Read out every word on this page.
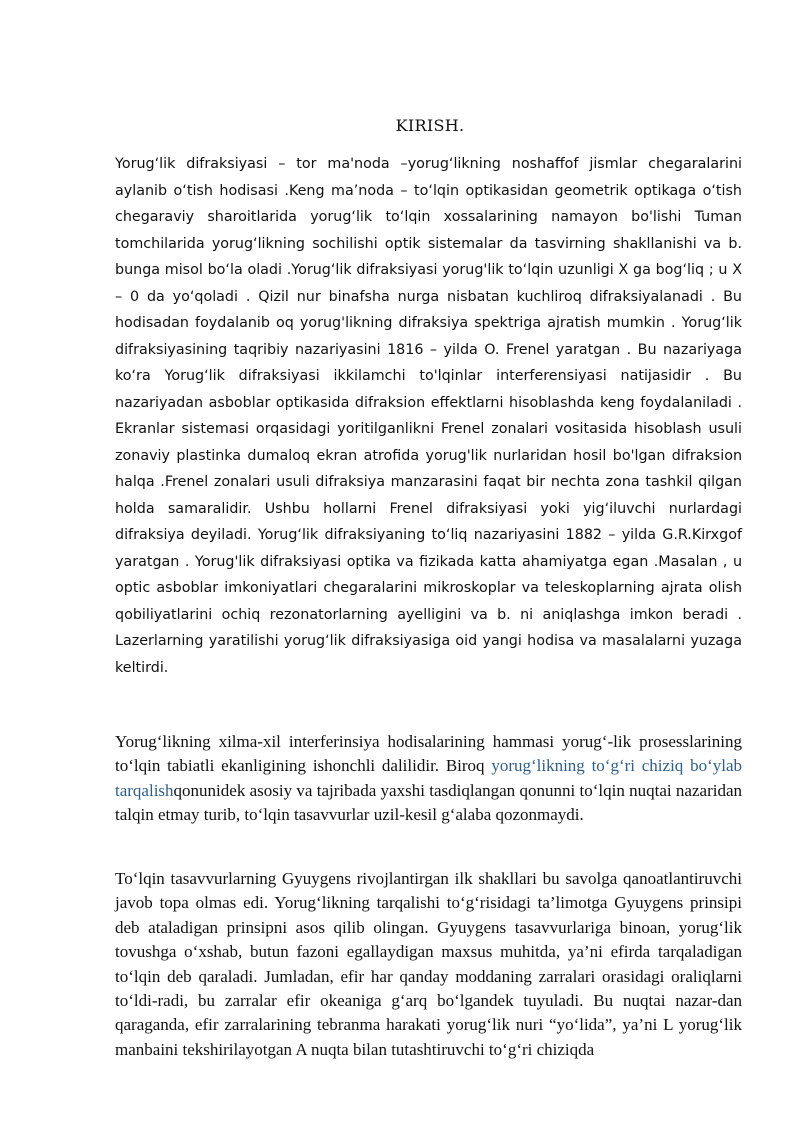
KIRISH.

Yorug‘lik difraksiyasi – tor ma'noda –yorug‘likning noshaffof jismlar chegaralarini aylanib o‘tish hodisasi .Keng ma’noda – to‘lqin optikasidan geometrik optikaga o‘tish chegaraviy sharoitlarida yorug‘lik to‘lqin xossalarining namayon bo'lishi Tuman tomchilarida yorug‘likning sochilishi optik sistemalar da tasvirning shakllanishi va b. bunga misol bo‘la oladi .Yorug‘lik difraksiyasi yorug'lik to‘lqin uzunligi X ga bog‘liq ; u X – 0 da yo‘qoladi . Qizil nur binafsha nurga nisbatan kuchliroq difraksiyalanadi . Bu hodisadan foydalanib oq yorug'likning difraksiya spektriga ajratish mumkin . Yorug‘lik difraksiyasining taqribiy nazariyasini 1816 – yilda O. Frenel yaratgan . Bu nazariyaga ko‘ra Yorug‘lik difraksiyasi ikkilamchi to'lqinlar interferensiyasi natijasidir . Bu nazariyadan asboblar optikasida difraksion effektlarni hisoblashda keng foydalaniladi . Ekranlar sistemasi orqasidagi yoritilganlikni Frenel zonalari vositasida hisoblash usuli zonaviy plastinka dumaloq ekran atrofida yorug'lik nurlaridan hosil bo'lgan difraksion halqa .Frenel zonalari usuli difraksiya manzarasini faqat bir nechta zona tashkil qilgan holda samaralidir. Ushbu hollarni Frenel difraksiyasi yoki yig‘iluvchi nurlardagi difraksiya deyiladi. Yorug‘lik difraksiyaning to‘liq nazariyasini 1882 – yilda G.R.Kirxgof yaratgan . Yorug'lik difraksiyasi optika va fizikada katta ahamiyatga egan .Masalan , u optic asboblar imkoniyatlari chegaralarini mikroskoplar va teleskoplarning ajrata olish qobiliyatlarini ochiq rezonatorlarning ayelligini va b. ni aniqlashga imkon beradi . Lazerlarning yaratilishi yorug‘lik difraksiyasiga oid yangi hodisa va masalalarni yuzaga keltirdi.

Yorug‘likning xilma-xil interferinsiya hodisalarining hammasi yorug‘-lik prosesslarining to‘lqin tabiatli ekanligining ishonchli dalilidir. Biroq yorug‘likning to‘g‘ri chiziq bo‘ylab tarqalishqonunidek asosiy va tajribada yaxshi tasdiqlangan qonunni to‘lqin nuqtai nazaridan talqin etmay turib, to‘lqin tasavvurlar uzil-kesil g‘alaba qozonmaydi.

To‘lqin tasavvurlarning Gyuygens rivojlantirgan ilk shakllari bu savolga qanoatlantiruvchi javob topa olmas edi. Yorug‘likning tarqalishi to‘g‘risidagi ta’limotga Gyuygens prinsipi deb ataladigan prinsipni asos qilib olingan. Gyuygens tasavvurlariga binoan, yorug‘lik tovushga o‘xshab, butun fazoni egallaydigan maxsus muhitda, ya’ni efirda tarqaladigan to‘lqin deb qaraladi. Jumladan, efir har qanday moddaning zarralari orasidagi oraliqlarni to‘ldi-radi, bu zarralar efir okeaniga g‘arq bo‘lgandek tuyuladi. Bu nuqtai nazar-dan qaraganda, efir zarralarining tebranma harakati yorug‘lik nuri “yo‘lida”, ya’ni L yorug‘lik manbaini tekshirilayotgan A nuqta bilan tutashtiruvchi to‘g‘ri chiziqda
